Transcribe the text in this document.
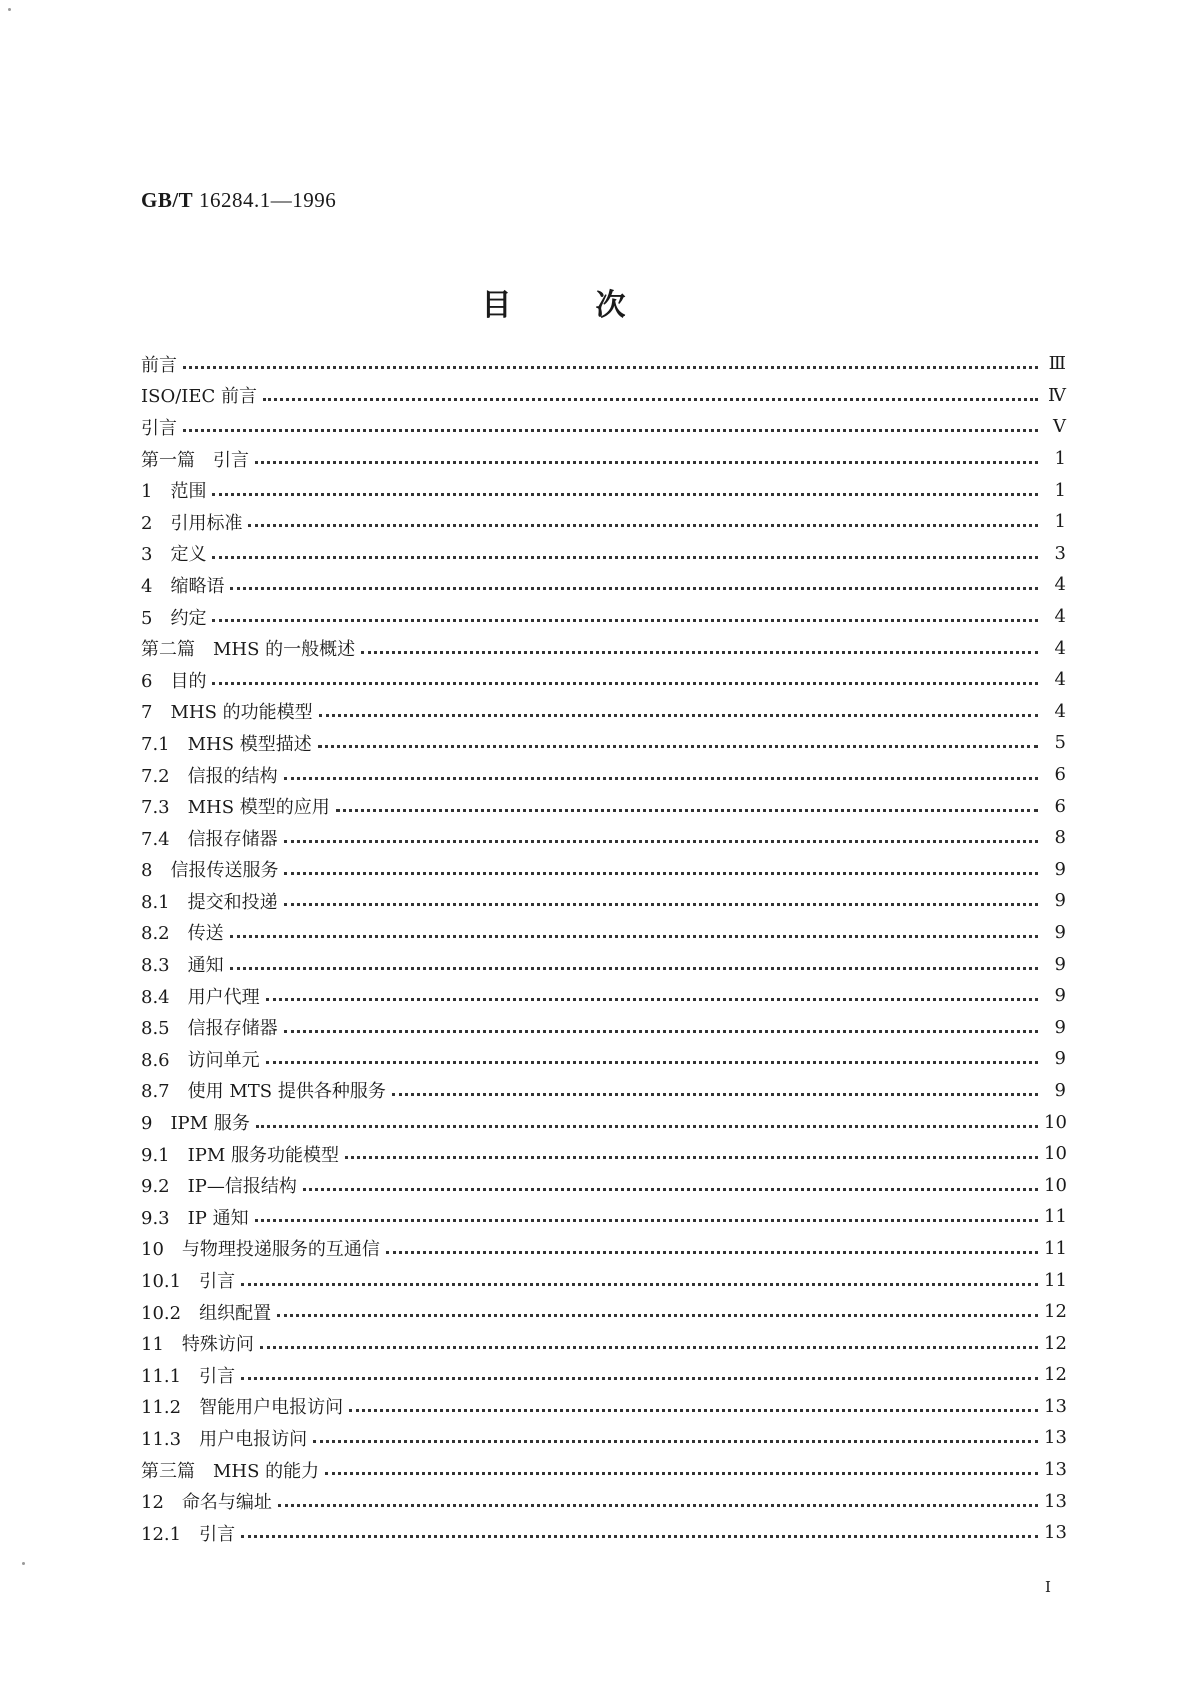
GB/T 16284.1—1996
目次
前言	Ⅲ
ISO/IEC 前言	Ⅳ
引言	Ⅴ
第一篇　引言	1
1　范围	1
2　引用标准	1
3　定义	3
4　缩略语	4
5　约定	4
第二篇　MHS 的一般概述	4
6　目的	4
7　MHS 的功能模型	4
7.1　MHS 模型描述	5
7.2　信报的结构	6
7.3　MHS 模型的应用	6
7.4　信报存储器	8
8　信报传送服务	9
8.1　提交和投递	9
8.2　传送	9
8.3　通知	9
8.4　用户代理	9
8.5　信报存储器	9
8.6　访问单元	9
8.7　使用 MTS 提供各种服务	9
9　IPM 服务	10
9.1　IPM 服务功能模型	10
9.2　IP—信报结构	10
9.3　IP 通知	11
10　与物理投递服务的互通信	11
10.1　引言	11
10.2　组织配置	12
11　特殊访问	12
11.1　引言	12
11.2　智能用户电报访问	13
11.3　用户电报访问	13
第三篇　MHS 的能力	13
12　命名与编址	13
12.1　引言	13
Ⅰ
